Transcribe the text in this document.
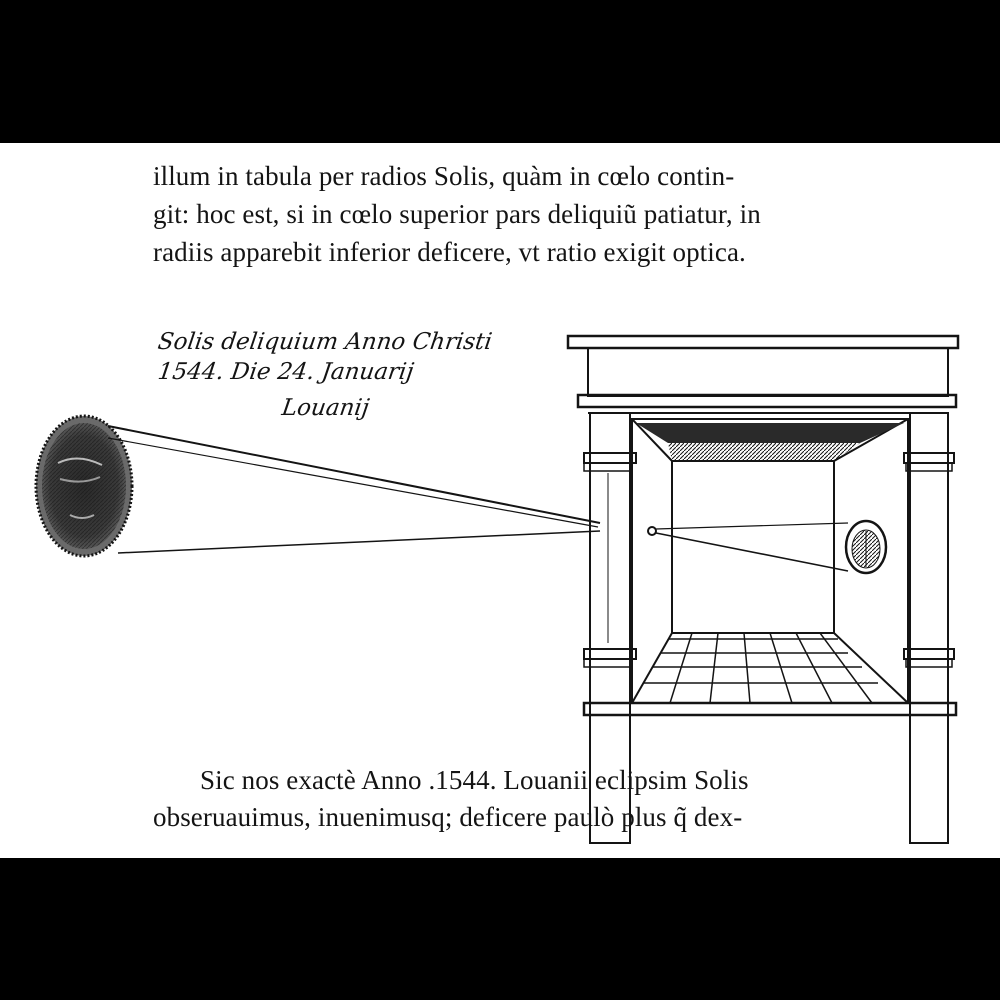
illum in tabula per radios Solis, quàm in cœlo contin-
git: hoc est, si in cœlo superior pars deliquiũ patiatur, in
radiis apparebit inferior deficere, vt ratio exigit optica.
Solis deliquium Anno Christi
1544. Die 24. Januarij
Louanij
Sic nos exactè Anno .1544. Louanii eclipsim Solis
obseruauimus, inuenimusq; deficere paulò plus q̃ dex-
